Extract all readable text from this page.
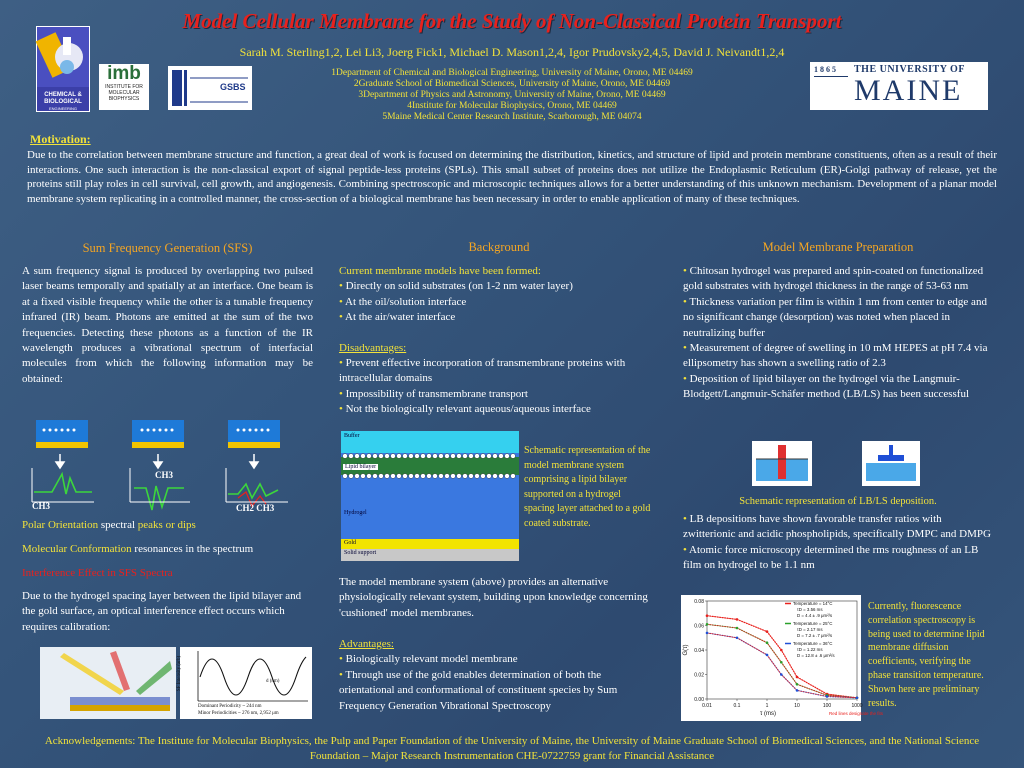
Model Cellular Membrane for the Study of Non-Classical Protein Transport
Sarah M. Sterling1,2, Lei Li3, Joerg Fick1, Michael D. Mason1,2,4, Igor Prudovsky2,4,5, David J. Neivandt1,2,4
1Department of Chemical and Biological Engineering, University of Maine, Orono, ME 04469
2Graduate School of Biomedical Sciences, University of Maine, Orono, ME 04469
3Department of Physics and Astronomy, University of Maine, Orono, ME 04469
4Institute for Molecular Biophysics, Orono, ME 04469
5Maine Medical Center Research Institute, Scarborough, ME 04074
CHEMICAL &
BIOLOGICAL
ENGINEERING
imb
INSTITUTE FOR
MOLECULAR
BIOPHYSICS
GSBS
1 8 6 5 THE UNIVERSITY OF
MAINE
Motivation:
Due to the correlation between membrane structure and function, a great deal of work is focused on determining the distribution, kinetics, and structure of lipid and protein membrane constituents, often as a result of their interactions. One such interaction is the non-classical export of signal peptide-less proteins (SPLs). This small subset of proteins does not utilize the Endoplasmic Reticulum (ER)-Golgi pathway of release, yet the proteins still play roles in cell survival, cell growth, and angiogenesis. Combining spectroscopic and microscopic techniques allows for a better understanding of this unknown mechanism. Development of a planar model membrane system replicating in a controlled manner, the cross-section of a biological membrane has been necessary in order to enable application of many of these techniques.
Sum Frequency Generation (SFS)

A sum frequency signal is produced by overlapping two pulsed laser beams temporally and spatially at an interface. One beam is at a fixed visible frequency while the other is a tunable frequency infrared (IR) beam. Photons are emitted at the sum of the two frequencies. Detecting these photons as a function of the IR wavelength produces a vibrational spectrum of interfacial molecules from which the following information may be obtained:

CH3
CH3
CH2 CH3
Polar Orientation spectral peaks or dips
Molecular Conformation resonances in the spectrum
Interference Effect in SFS Spectra
Due to the hydrogel spacing layer between the lipid bilayer and the gold surface, an optical interference effect occurs which requires calibration:
SF Intensity (arb)	d (nm)
Dominant Periodicity ~ 244 nm
Minor Periodicities ~ 276 nm, 2,952 μm
Background

Current membrane models have been formed:

• Directly on solid substrates (on 1-2 nm water layer)

• At the oil/solution interface

• At the air/water interface

Disadvantages:

• Prevent effective incorporation of transmembrane proteins with intracellular domains

• Impossibility of transmembrane transport

• Not the biologically relevant aqueous/aqueous interface

Buffer
Lipid bilayer
Hydrogel
Gold
Solid support
Schematic representation of the model membrane system comprising a lipid bilayer supported on a hydrogel spacing layer attached to a gold coated substrate.
The model membrane system (above) provides an alternative physiologically relevant system, building upon knowledge concerning 'cushioned' model membranes.

Advantages:

• Biologically relevant model membrane

• Through use of the gold enables determination of both the orientational and conformational of constituent species by Sum Frequency Generation Vibrational Spectroscopy

Model Membrane Preparation

• Chitosan hydrogel was prepared and spin-coated on functionalized gold substrates with hydrogel thickness in the range of 53-63 nm

• Thickness variation per film is within 1 nm from center to edge and no significant change (desorption) was noted when placed in neutralizing buffer

• Measurement of degree of swelling in 10 mM HEPES at pH 7.4 via ellipsometry has shown a swelling ratio of 2.3

• Deposition of lipid bilayer on the hydrogel via the Langmuir-Blodgett/Langmuir-Schäfer method (LB/LS) has been successful

Schematic representation of LB/LS deposition.

• LB depositions have shown favorable transfer ratios with zwitterionic and acidic phospholipids, specifically DMPC and DMPG

• Atomic force microscopy determined the rms roughness of an LB film on hydrogel to be 1.1 nm

0.00
0.02
0.04
0.06
0.08
0.01	0.1	1	10	100	1000
G(τ)
τ (ms)	Red lines designate the fits
Temperature = 14°C
τD = 3.56 ms
D = 4.4 ± .9 μm²/s
Temperature = 25°C
τD = 2.17 ms
D = 7.2 ± .7 μm²/s
Temperature = 36°C
τD = 1.22 ms
D = 12.8 ± .6 μm²/s
Currently, fluorescence correlation spectroscopy is being used to determine lipid membrane diffusion coefficients, verifying the phase transition temperature. Shown here are preliminary results.
Acknowledgements: The Institute for Molecular Biophysics, the Pulp and Paper Foundation of the University of Maine, the University of Maine Graduate School of Biomedical Sciences, and the National Science Foundation – Major Research Instrumentation CHE-0722759 grant for Financial Assistance
